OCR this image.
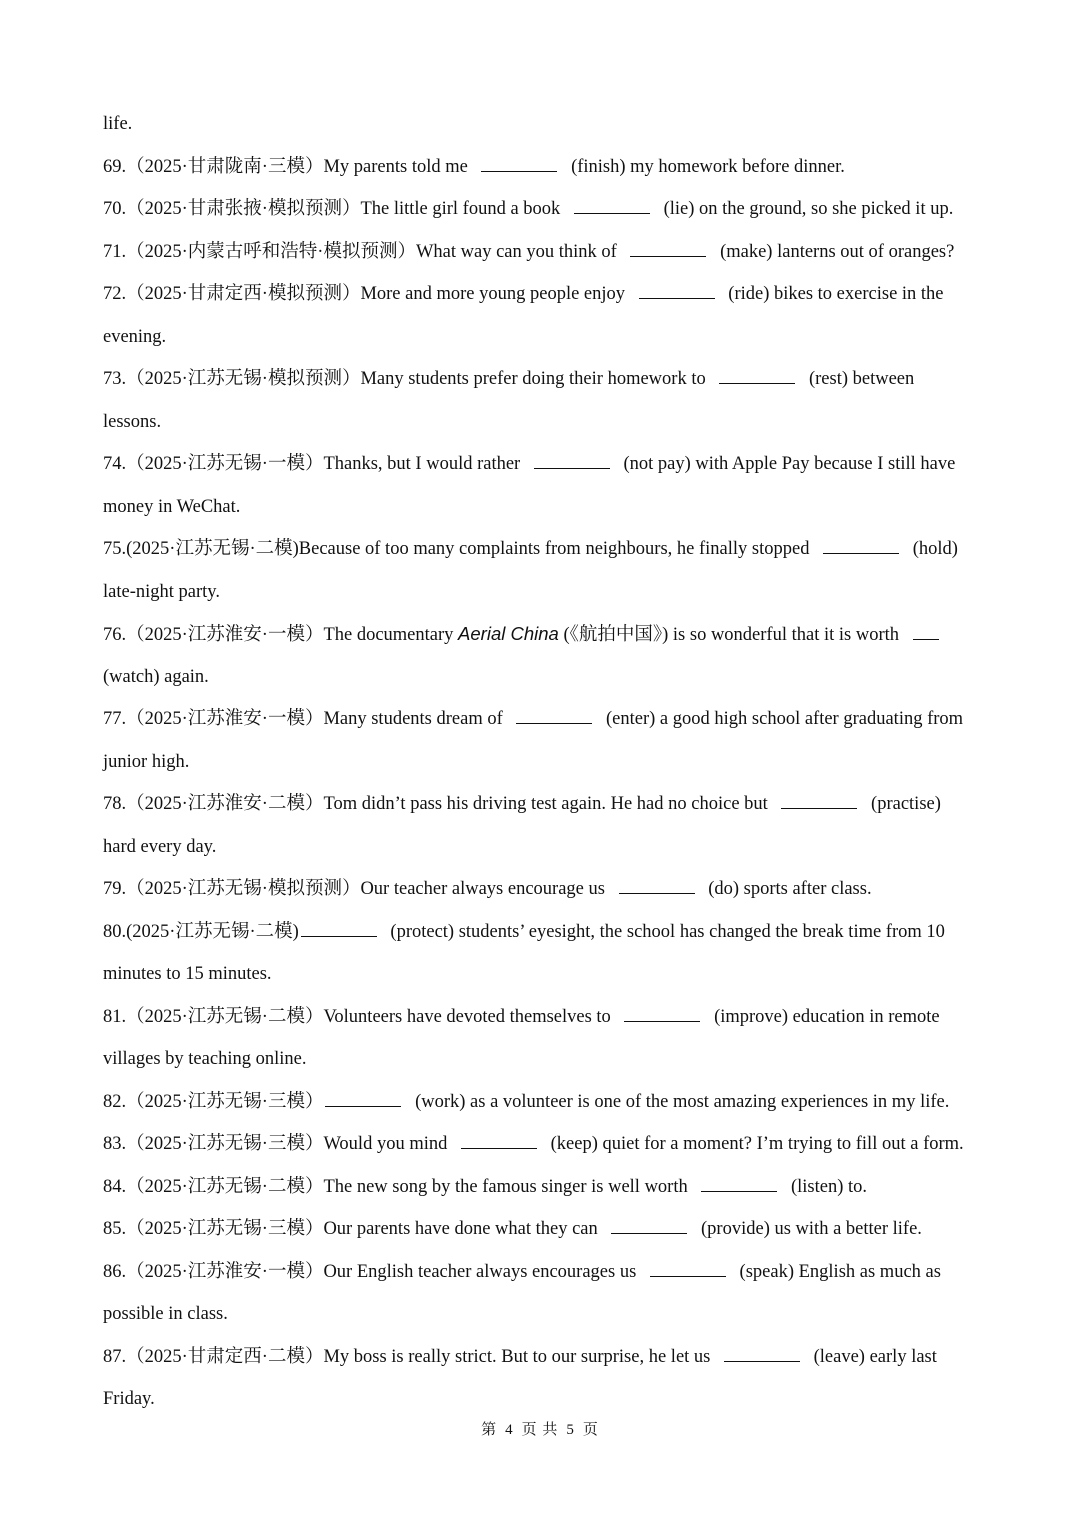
life.
69.（2025·甘肃陇南·三模）My parents told me	(finish) my homework before dinner.
70.（2025·甘肃张掖·模拟预测）The little girl found a book	(lie) on the ground, so she picked it up.
71.（2025·内蒙古呼和浩特·模拟预测）What way can you think of	(make) lanterns out of oranges?
72.（2025·甘肃定西·模拟预测）More and more young people enjoy	(ride) bikes to exercise in the
evening.
73.（2025·江苏无锡·模拟预测）Many students prefer doing their homework to	(rest) between
lessons.
74.（2025·江苏无锡·一模）Thanks, but I would rather	(not pay) with Apple Pay because I still have
money in WeChat.
75.(2025·江苏无锡·二模)Because of too many complaints from neighbours, he finally stopped	(hold)
late-night party.
76.（2025·江苏淮安·一模）The documentary Aerial China (《航拍中国》) is so wonderful that it is worth
(watch) again.
77.（2025·江苏淮安·一模）Many students dream of	(enter) a good high school after graduating from
junior high.
78.（2025·江苏淮安·二模）Tom didn’t pass his driving test again. He had no choice but	(practise)
hard every day.
79.（2025·江苏无锡·模拟预测）Our teacher always encourage us	(do) sports after class.
80.(2025·江苏无锡·二模)	(protect) students’ eyesight, the school has changed the break time from 10
minutes to 15 minutes.
81.（2025·江苏无锡·二模）Volunteers have devoted themselves to	(improve) education in remote
villages by teaching online.
82.（2025·江苏无锡·三模）	(work) as a volunteer is one of the most amazing experiences in my life.
83.（2025·江苏无锡·三模）Would you mind	(keep) quiet for a moment? I’m trying to fill out a form.
84.（2025·江苏无锡·二模）The new song by the famous singer is well worth	(listen) to.
85.（2025·江苏无锡·三模）Our parents have done what they can	(provide) us with a better life.
86.（2025·江苏淮安·一模）Our English teacher always encourages us	(speak) English as much as
possible in class.
87.（2025·甘肃定西·二模）My boss is really strict. But to our surprise, he let us	(leave) early last
Friday.
第 4 页 共 5 页
